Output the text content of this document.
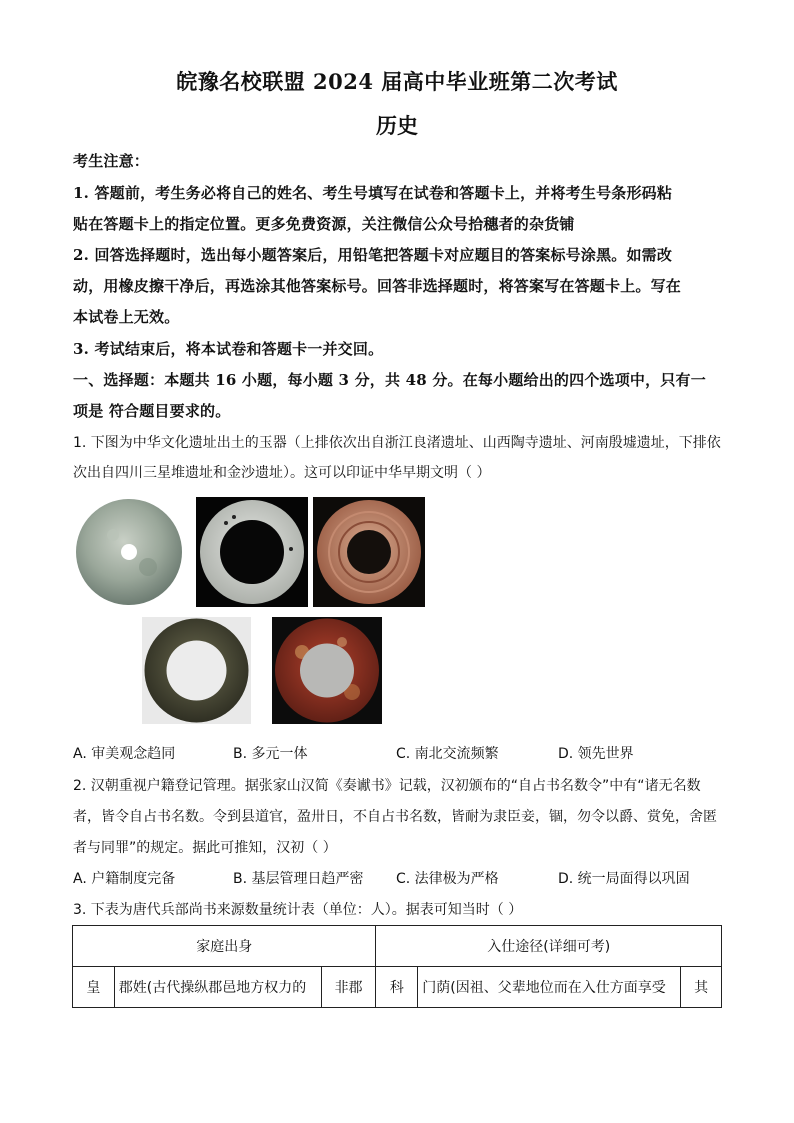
皖豫名校联盟 2024 届高中毕业班第二次考试
历史
考生注意：
1. 答题前，考生务必将自己的姓名、考生号填写在试卷和答题卡上，并将考生号条形码粘
贴在答题卡上的指定位置。更多免费资源，关注微信公众号拾穗者的杂货铺
2. 回答选择题时，选出每小题答案后，用铅笔把答题卡对应题目的答案标号涂黑。如需改
动，用橡皮擦干净后，再选涂其他答案标号。回答非选择题时，将答案写在答题卡上。写在
本试卷上无效。
3. 考试结束后，将本试卷和答题卡一并交回。
一、选择题：本题共 16 小题，每小题 3 分，共 48 分。在每小题给出的四个选项中，只有一
项是 符合题目要求的。
1. 下图为中华文化遗址出土的玉器（上排依次出自浙江良渚遗址、山西陶寺遗址、河南殷墟遗址，下排依
次出自四川三星堆遗址和金沙遗址）。这可以印证中华早期文明（ ）
A. 审美观念趋同	B. 多元一体	C. 南北交流频繁	D. 领先世界
2. 汉朝重视户籍登记管理。据张家山汉简《奏谳书》记载，汉初颁布的“自占书名数令”中有“诸无名数
者，皆令自占书名数。令到县道官，盈卅日，不自占书名数，皆耐为隶臣妾，锢，勿令以爵、赏免，舍匿
者与同罪”的规定。据此可推知，汉初（ ）
A. 户籍制度完备	B. 基层管理日趋严密 C. 法律极为严格	D. 统一局面得以巩固
3. 下表为唐代兵部尚书来源数量统计表（单位：人）。据表可知当时（ ）
家庭出身			入仕途径(详细可考)		
皇	郡姓(古代操纵郡邑地方权力的	非郡	科	门荫(因祖、父辈地位而在入仕方面享受	其
